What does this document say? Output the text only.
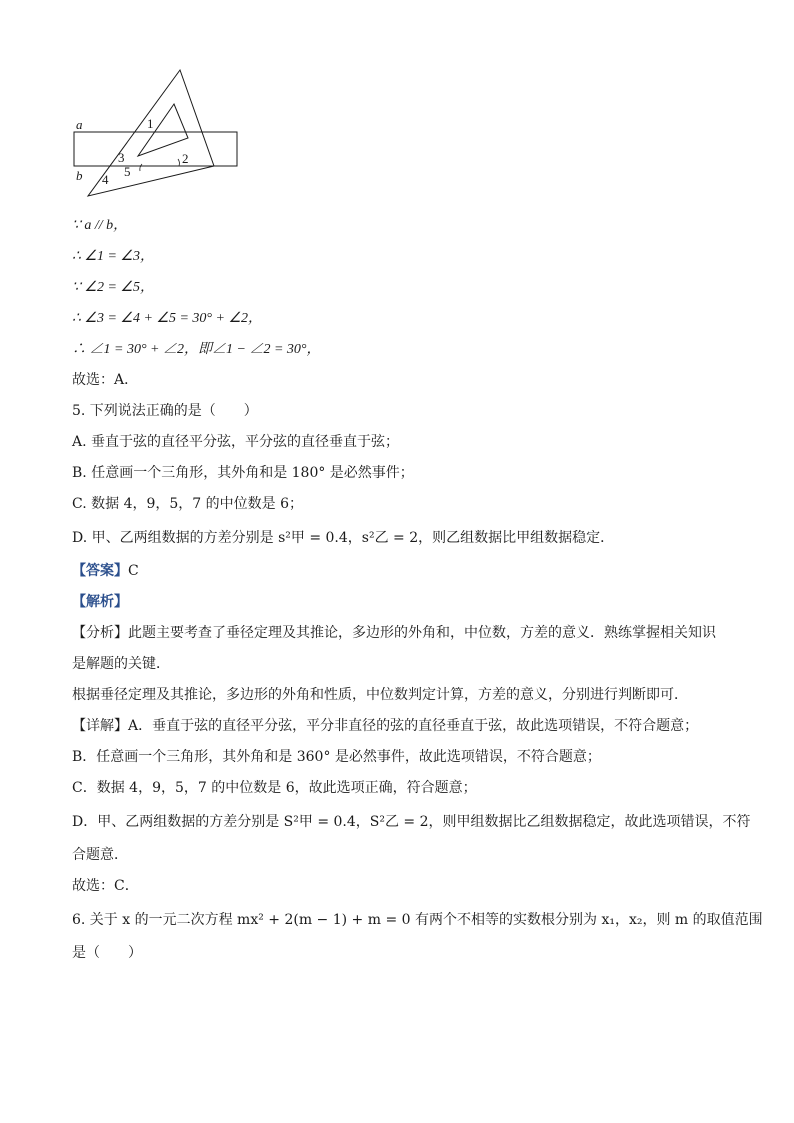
a
b
1
2
3
4
5
∵ a // b，
∴ ∠1 = ∠3，
∵ ∠2 = ∠5，
∴ ∠3 = ∠4 + ∠5 = 30° + ∠2，
∴ ∠1 = 30° + ∠2，即∠1 − ∠2 = 30°，
故选：A．
5. 下列说法正确的是（　　）
A. 垂直于弦的直径平分弦，平分弦的直径垂直于弦；
B. 任意画一个三角形，其外角和是 180° 是必然事件；
C. 数据 4，9，5，7 的中位数是 6；
D. 甲、乙两组数据的方差分别是 s²甲 = 0.4，s²乙 = 2，则乙组数据比甲组数据稳定．
【答案】C
【解析】
【分析】此题主要考查了垂径定理及其推论，多边形的外角和，中位数，方差的意义．熟练掌握相关知识
是解题的关键．
根据垂径定理及其推论，多边形的外角和性质，中位数判定计算，方差的意义，分别进行判断即可．
【详解】A．垂直于弦的直径平分弦，平分非直径的弦的直径垂直于弦，故此选项错误，不符合题意；
B．任意画一个三角形，其外角和是 360° 是必然事件，故此选项错误，不符合题意；
C．数据 4，9，5，7 的中位数是 6，故此选项正确，符合题意；
D．甲、乙两组数据的方差分别是 S²甲 = 0.4，S²乙 = 2，则甲组数据比乙组数据稳定，故此选项错误，不符
合题意．
故选：C．
6. 关于 x 的一元二次方程 mx² + 2(m − 1) + m = 0 有两个不相等的实数根分别为 x₁，x₂，则 m 的取值范围
是（　　）
